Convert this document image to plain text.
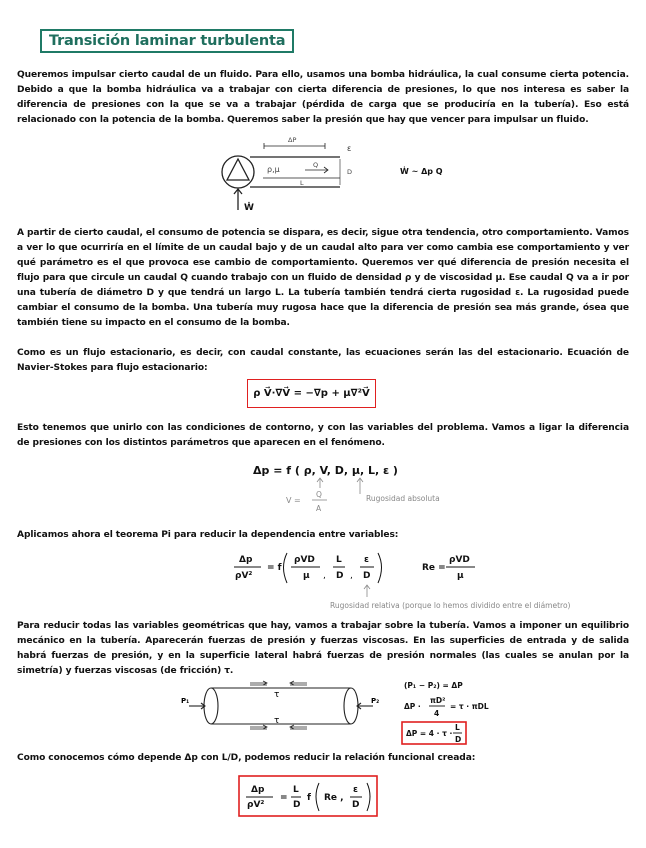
Transición laminar turbulenta
Queremos impulsar cierto caudal de un fluido. Para ello, usamos una bomba hidráulica, la cual consume cierta potencia. Debido a que la bomba hidráulica va a trabajar con cierta diferencia de presiones, lo que nos interesa es saber la diferencia de presiones con la que se va a trabajar (pérdida de carga que se produciría en la tubería). Eso está relacionado con la potencia de la bomba. Queremos saber la presión que hay que vencer para impulsar un fluido.
ΔP
ε
ρ,μ	Q
D
L
Ẇ
Ẇ ~ Δp Q
A partir de cierto caudal, el consumo de potencia se dispara, es decir, sigue otra tendencia, otro comportamiento. Vamos a ver lo que ocurriría en el límite de un caudal bajo y de un caudal alto para ver como cambia ese comportamiento y ver qué parámetro es el que provoca ese cambio de comportamiento. Queremos ver qué diferencia de presión necesita el flujo para que circule un caudal Q cuando trabajo con un fluido de densidad ρ y de viscosidad μ. Ese caudal Q va a ir por una tubería de diámetro D y que tendrá un largo L. La tubería también tendrá cierta rugosidad ε. La rugosidad puede cambiar el consumo de la bomba. Una tubería muy rugosa hace que la diferencia de presión sea más grande, ósea que también tiene su impacto en el consumo de la bomba.
Como es un flujo estacionario, es decir, con caudal constante, las ecuaciones serán las del estacionario. Ecuación de Navier-Stokes para flujo estacionario:
ρ V⃗·∇V⃗ = −∇p + μ∇²V⃗
Esto tenemos que unirlo con las condiciones de contorno, y con las variables del problema. Vamos a ligar la diferencia de presiones con los distintos parámetros que aparecen en el fenómeno.
Δp = f ( ρ, V, D, μ, L, ε )
V =
Q
A
Rugosidad absoluta
Aplicamos ahora el teorema Pi para reducir la dependencia entre variables:
Δp
ρV²
= f
ρVD
μ
L
D
ε
D
Re =
ρVD
μ
,	,
Rugosidad relativa (porque lo hemos dividido entre el diámetro)
Para reducir todas las variables geométricas que hay, vamos a trabajar sobre la tubería. Vamos a imponer un equilibrio mecánico en la tubería. Aparecerán fuerzas de presión y fuerzas viscosas. En las superficies de entrada y de salida habrá fuerzas de presión, y en la superficie lateral habrá fuerzas de presión normales (las cuales se anulan por la simetría) y fuerzas viscosas (de fricción) τ.
P₁	P₂
τ
τ
(P₁ − P₂) = ΔP
ΔP ·
πD²
4
= τ · πDL
ΔP = 4 · τ ·
L
D
Como conocemos cómo depende Δp con L/D, podemos reducir la relación funcional creada:
Δp
ρV²
=
L
D
f Re ,
ε
D
